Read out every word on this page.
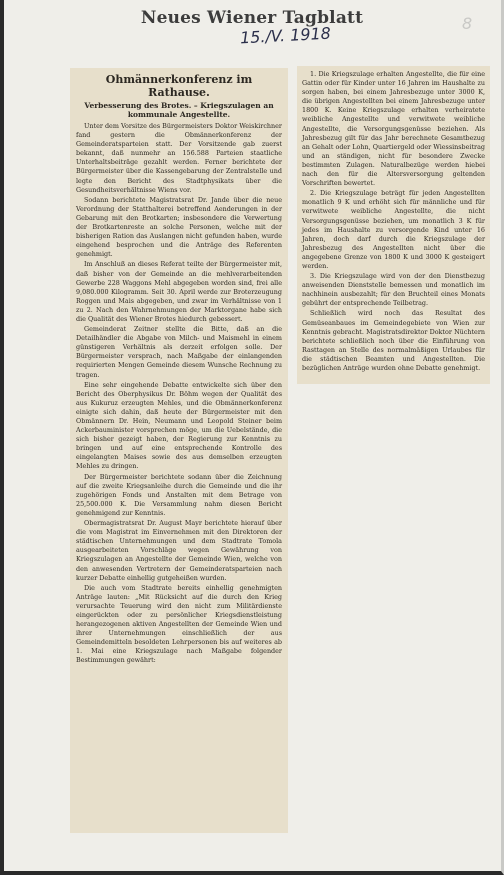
Neues Wiener Tagblatt
15./V. 1918
8
Ohmännerkonferenz im Rathause.
Verbesserung des Brotes. – Kriegszulagen an kommunale Angestellte.

Unter dem Vorsitze des Bürgermeisters Doktor Weiskirchner fand gestern die Obmännerkonferenz der Gemeinderatsparteien statt. Der Vorsitzende gab zuerst bekannt, daß nunmehr an 156.588 Parteien staatliche Unterhaltsbeiträge gezahlt werden. Ferner berichtete der Bürgermeister über die Kassengebarung der Zentralstelle und legte den Bericht des Stadtphysikats über die Gesundheitsverhältnisse Wiens vor.

Sodann berichtete Magistratsrat Dr. Jande über die neue Verordnung der Statthalterei betreffend Aenderungen in der Gebarung mit den Brotkarten; insbesondere die Verwertung der Brotkartenreste an solche Personen, welche mit der bisherigen Ration das Auslangen nicht gefunden haben, wurde eingehend besprochen und die Anträge des Referenten genehmigt.

Im Anschluß an dieses Referat teilte der Bürgermeister mit, daß bisher von der Gemeinde an die mehlverarbeitenden Gewerbe 228 Waggons Mehl abgegeben worden sind, frei alle 9,080.000 Kilogramm. Seit 30. April werde zur Broterzeugung Roggen und Mais abgegeben, und zwar im Verhältnisse von 1 zu 2. Nach den Wahrnehmungen der Marktorgane habe sich die Qualität des Wiener Brotes hiedurch gebessert.

Gemeinderat Zeitner stellte die Bitte, daß an die Detailhändler die Abgabe von Milch- und Maismehl in einem günstigeren Verhältnis als derzeit erfolgen solle. Der Bürgermeister versprach, nach Maßgabe der einlangenden requirierten Mengen Gemeinde diesem Wunsche Rechnung zu tragen.

Eine sehr eingehende Debatte entwickelte sich über den Bericht des Oberphysikus Dr. Böhm wegen der Qualität des aus Kukuruz erzeugten Mehles, und die Obmännerkonferenz einigte sich dahin, daß heute der Bürgermeister mit den Obmännern Dr. Hein, Neumann und Leopold Steiner beim Ackerbauminister vorsprechen möge, um die Uebelstände, die sich bisher gezeigt haben, der Regierung zur Kenntnis zu bringen und auf eine entsprechende Kontrolle des eingelangten Maises sowie des aus demselben erzeugten Mehles zu dringen.

Der Bürgermeister berichtete sodann über die Zeichnung auf die zweite Kriegsanleihe durch die Gemeinde und die ihr zugehörigen Fonds und Anstalten mit dem Betrage von 25,500.000 K. Die Versammlung nahm diesen Bericht genehmigend zur Kenntnis.

Obermagistratsrat Dr. August Mayr berichtete hierauf über die vom Magistrat im Einvernehmen mit den Direktoren der städtischen Unternehmungen und dem Stadtrate Tomola ausgearbeiteten Vorschläge wegen Gewährung von Kriegszulagen an Angestellte der Gemeinde Wien, welche von den anwesenden Vertretern der Gemeinderatsparteien nach kurzer Debatte einhellig gutgeheißen wurden.

Die auch vom Stadtrate bereits einhellig genehmigten Anträge lauten: „Mit Rücksicht auf die durch den Krieg verursachte Teuerung wird den nicht zum Militärdienste eingerückten oder zu persönlicher Kriegsdienstleistung herangezogenen aktiven Angestellten der Gemeinde Wien und ihrer Unternehmungen einschließlich der aus Gemeindemitteln besoldeten Lehrpersonen bis auf weiteres ab 1. Mai eine Kriegszulage nach Maßgabe folgender Bestimmungen gewährt:

1. Die Kriegszulage erhalten Angestellte, die für eine Gattin oder für Kinder unter 16 Jahren im Haushalte zu sorgen haben, bei einem Jahresbezuge unter 3000 K, die übrigen Angestellten bei einem Jahresbezuge unter 1800 K. Keine Kriegszulage erhalten verheiratete weibliche Angestellte und verwitwete weibliche Angestellte, die Versorgungsgenüsse beziehen. Als Jahresbezug gilt für das Jahr berechnete Gesamtbezug an Gehalt oder Lohn, Quartiergeld oder Wiessinsbeitrag und an ständigen, nicht für besondere Zwecke bestimmten Zulagen. Naturalbezüge werden hiebei nach den für die Altersversorgung geltenden Vorschriften bewertet.

2. Die Kriegszulage beträgt für jeden Angestellten monatlich 9 K und erhöht sich für männliche und für verwitwete weibliche Angestellte, die nicht Versorgungsgenüsse beziehen, um monatlich 3 K für jedes im Haushalte zu versorgende Kind unter 16 Jahren, doch darf durch die Kriegszulage der Jahresbezug des Angestellten nicht über die angegebene Grenze von 1800 K und 3000 K gesteigert werden.

3. Die Kriegszulage wird von der den Dienstbezug anweisenden Dienststelle bemessen und monatlich im nachhinein ausbezahlt; für den Bruchteil eines Monats gebührt der entsprechende Teilbetrag.

Schließlich wird noch das Resultat des Gemüseanbaues im Gemeindegebiete von Wien zur Kenntnis gebracht. Magistratsdirektor Doktor Nüchtern berichtete schließlich noch über die Einführung von Rasttagen an Stelle des normalmäßigen Urlaubes für die städtischen Beamten und Angestellten. Die bezüglichen Anträge wurden ohne Debatte genehmigt.
